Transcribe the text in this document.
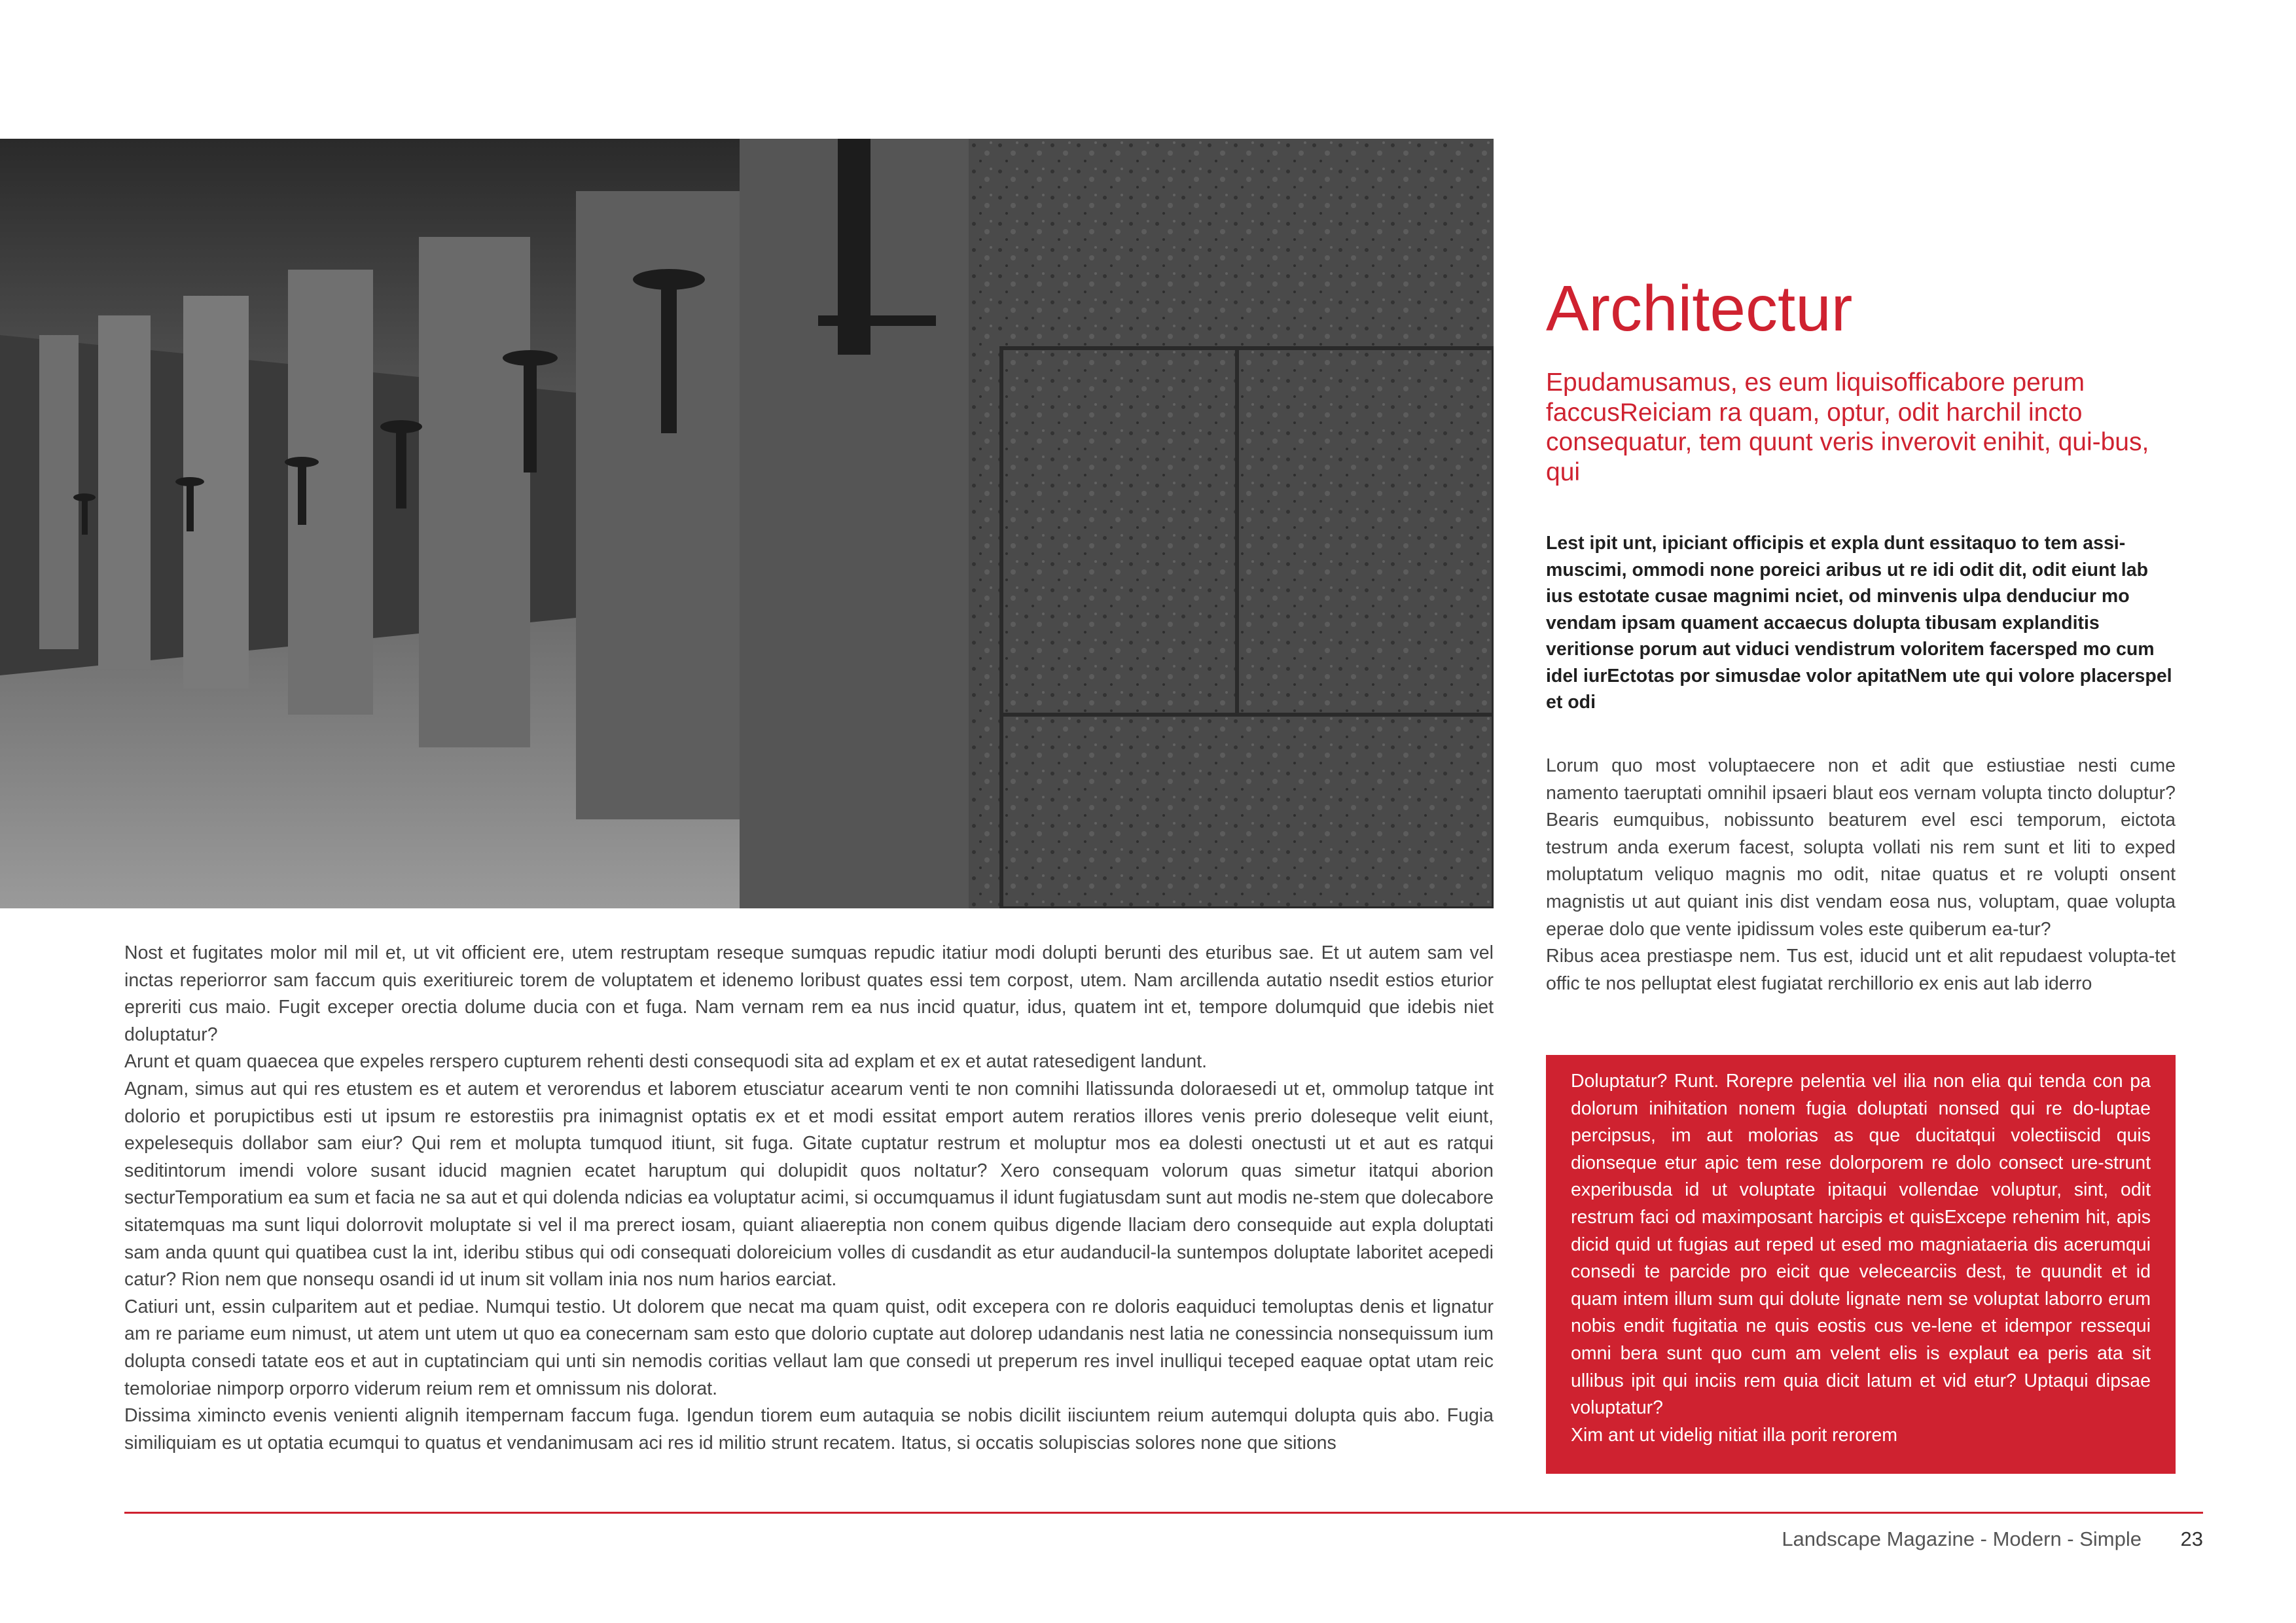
Nost et fugitates molor mil mil et, ut vit officient ere, utem restruptam reseque sumquas repudic itatiur modi dolupti beruntі des eturibus sae. Et ut autem sam vel inctas reperiorror sam faccum quis exeritiureic torem de voluptatem et idenemo loribust quates essi tem corpost, utem. Nam arcillenda autatio nsedit estios eturior epreriti cus maio. Fugit exceper orectia dolume ducia con et fuga. Nam vernam rem ea nus incid quatur, idus, quatem int et, tempore dolumquid que idebis niet doluptatur?

Arunt et quam quaecea que expeles rerspero cupturem rehenti desti consequodi sita ad explam et ex et autat ratesedigent landunt.

Agnam, simus aut qui res etustem es et autem et verorendus et laborem etusciatur acearum venti te non comnihi llatissunda doloraesedi ut et, ommolup tatque int dolorio et porupictibus esti ut ipsum re estorestiis pra inimagnist optatis ex et et modi essitat emport autem reratios illores venis prerio doleseque velit eiunt, expelesequis dollabor sam eiur? Qui rem et molupta tumquod itiunt, sit fuga. Gitate cuptatur restrum et moluptur mos ea dolesti onectusti ut et aut es ratqui seditintorum imendi volore susant iducid magnien ecatet haruptum qui dolupidit quos noItatur? Xero consequam volorum quas simetur itatqui aborion secturTemporatium ea sum et facia ne sa aut et qui dolenda ndicias ea voluptatur acimi, si occumquamus il idunt fugiatusdam sunt aut modis ne-stem que dolecabore sitatemquas ma sunt liqui dolorrovit moluptate si vel il ma prerect iosam, quiant aliaereptia non conem quibus digende llaciam dero consequide aut expla doluptati sam anda quunt qui quatibea cust la int, ideribu stibus qui odi consequati doloreicium volles di cusdandit as etur audanducil-la suntempos doluptate laboritet acepedi catur? Rion nem que nonsequ osandi id ut inum sit vollam inia nos num harios earciat.

Catiuri unt, essin culparitem aut et pediae. Numqui testio. Ut dolorem que necat ma quam quist, odit excepera con re doloris eaquiduci temoluptas denis et lignatur am re pariame eum nimust, ut atem unt utem ut quo ea conecernam sam esto que dolorio cuptate aut dolorep udandanis nest latia ne conessincia nonsequissum ium dolupta consedi tatate eos et aut in cuptatinciam qui unti sin nemodis coritias vellaut lam que consedi ut preperum res invel inulliqui teceped eaquae optat utam reic temoloriae nimporp orporro viderum reium rem et omnissum nis dolorat.

Dissima ximincto evenis venienti alignih itempernam faccum fuga. Igendun tiorem eum autaquia se nobis dicilit iisciuntem reium autemqui dolupta quis abo. Fugia similiquiam es ut optatia ecumqui to quatus et vendanimusam aci res id militio strunt recatem. Itatus, si occatis solupiscias solores none que sitions

Architectur

Epudamusamus, es eum liquisofficabore perum faccusReiciam ra quam, optur, odit harchil incto consequatur, tem quunt veris inverovit enihit, qui-bus, qui

Lest ipit unt, ipiciant officipis et expla dunt essitaquo to tem assi-muscimi, ommodi none poreici aribus ut re idi odit dit, odit eiunt lab ius estotate cusae magnimi nciet, od minvenis ulpa denduciur mo vendam ipsam quament accaecus dolupta tibusam explanditis veritionse porum aut viduci vendistrum voloritem facersped mo cum idel iurEctotas por simusdae volor apitatNem ute qui volore placerspel et odi

Lorum quo most voluptaecere non et adit que estiustiae nesti cume namento taeruptati omnihil ipsaeri blaut eos vernam volupta tincto doluptur? Bearis eumquibus, nobissunto beaturem evel esci temporum, eictota testrum anda exerum facest, solupta vollati nis rem sunt et liti to exped moluptatum veliquo magnis mo odit, nitae quatus et re volupti onsent magnistis ut aut quiant inis dist vendam eosa nus, voluptam, quae volupta eperae dolo que vente ipidissum voles este quiberum ea-tur?

Ribus acea prestiaspe nem. Tus est, iducid unt et alit repudaest volupta-tet offic te nos pelluptat elest fugiatat rerchillorio ex enis aut lab iderro

Doluptatur? Runt. Rorepre pelentia vel ilia non elia qui tenda con pa dolorum inihitation nonem fugia doluptati nonsed qui re do-luptae percipsus, im aut molorias as que ducitatqui volectiiscid quis dionseque etur apic tem rese dolorporem re dolo consect ure-strunt experibusda id ut voluptate ipitaqui vollendae voluptur, sint, odit restrum faci od maximposant harcipis et quisExcepe rehenim hit, apis dicid quid ut fugias aut reped ut esed mo magniataeria dis acerumqui consedi te parcide pro eicit que velecearciis dest, te quundit et id quam intem illum sum qui dolute lignate nem se voluptat laborro erum nobis endit fugitatia ne quis eostis cus ve-lene et idempor ressequi omni bera sunt quo cum am velent elis is explaut ea peris ata sit ullibus ipit qui inciis rem quia dicit latum et vid etur? Uptaqui dipsae voluptatur?

Xim ant ut videlig nitiat illa porit rerorem

Landscape Magazine - Modern - Simple 23
